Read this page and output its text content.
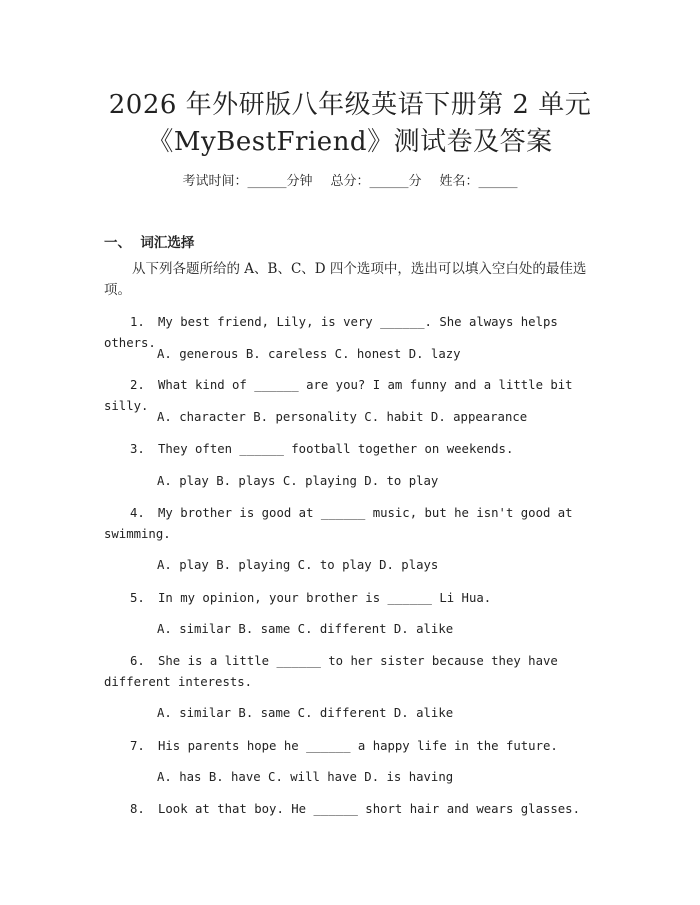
2026 年外研版八年级英语下册第 2 单元
《MyBestFriend》测试卷及答案
考试时间：______分钟 总分：______分 姓名：______
一、  词汇选择
从下列各题所给的 A、B、C、D 四个选项中，选出可以填入空白处的最佳选项。
1. My best friend, Lily, is very ______. She always helps others.
A. generous B. careless C. honest D. lazy
2. What kind of ______ are you? I am funny and a little bit silly.
A. character B. personality C. habit D. appearance
3. They often ______ football together on weekends.
A. play B. plays C. playing D. to play
4. My brother is good at ______ music, but he isn't good at swimming.
A. play B. playing C. to play D. plays
5. In my opinion, your brother is ______ Li Hua.
A. similar B. same C. different D. alike
6. She is a little ______ to her sister because they have different interests.
A. similar B. same C. different D. alike
7. His parents hope he ______ a happy life in the future.
A. has B. have C. will have D. is having
8. Look at that boy. He ______ short hair and wears glasses.
